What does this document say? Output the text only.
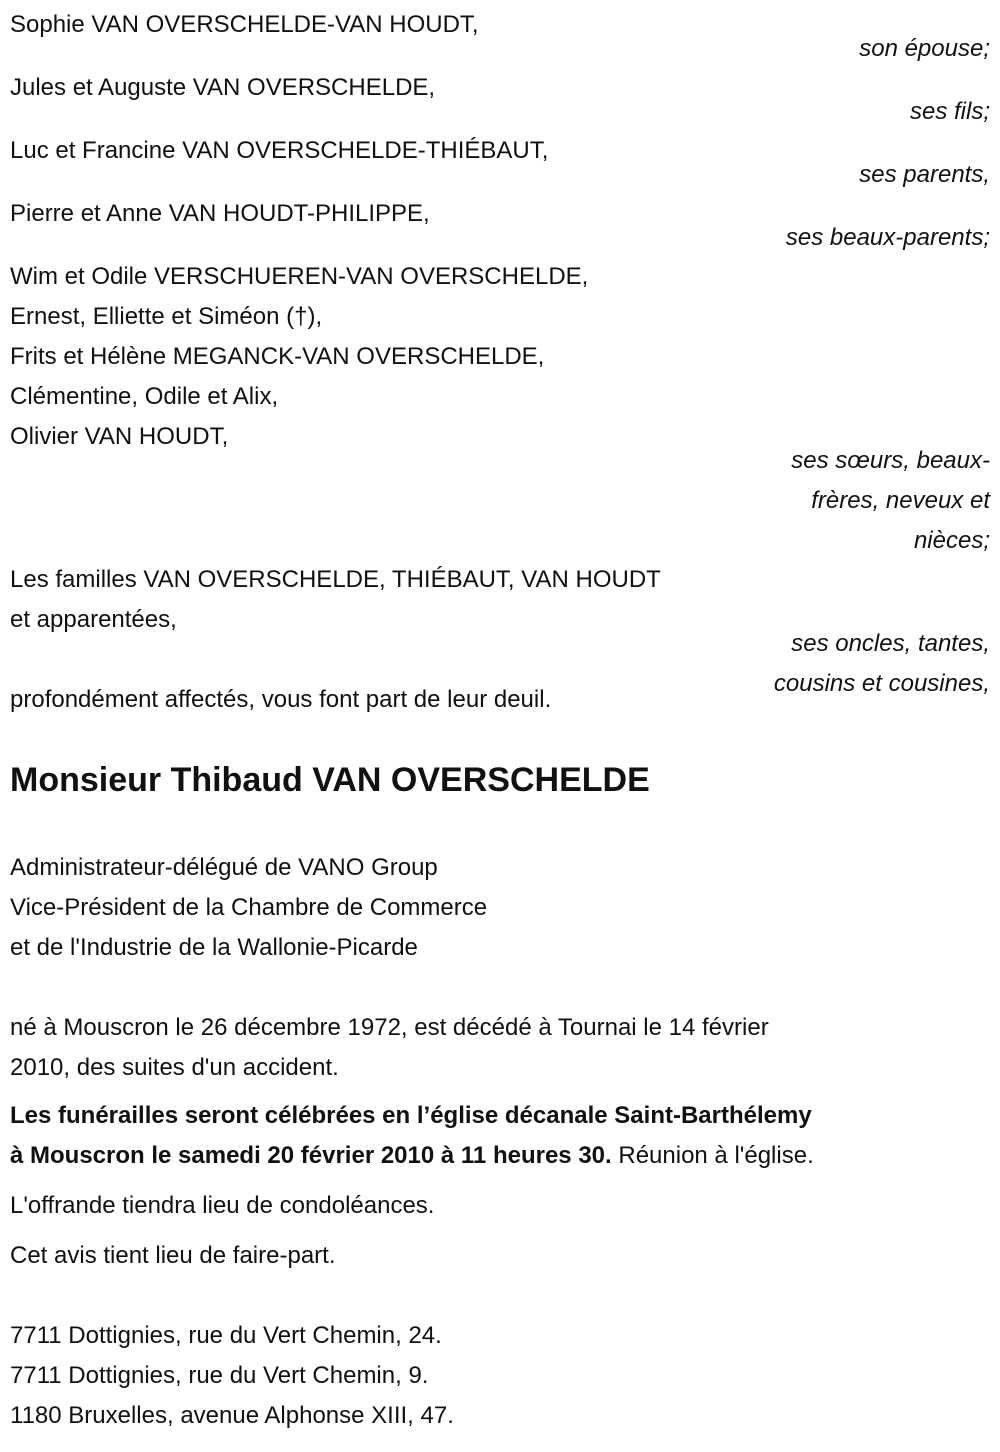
Sophie VAN OVERSCHELDE-VAN HOUDT,
son épouse;
Jules et Auguste VAN OVERSCHELDE,
ses fils;
Luc et Francine VAN OVERSCHELDE-THIÉBAUT,
ses parents,
Pierre et Anne VAN HOUDT-PHILIPPE,
ses beaux-parents;
Wim et Odile VERSCHUEREN-VAN OVERSCHELDE,
Ernest, Elliette et Siméon (†),
Frits et Hélène MEGANCK-VAN OVERSCHELDE,
Clémentine, Odile et Alix,
Olivier VAN HOUDT,
ses sœurs, beaux-
frères, neveux et
nièces;
Les familles VAN OVERSCHELDE, THIÉBAUT, VAN HOUDT
et apparentées,
ses oncles, tantes,
cousins et cousines,
profondément affectés, vous font part de leur deuil.
Monsieur Thibaud VAN OVERSCHELDE
Administrateur-délégué de VANO Group
Vice-Président de la Chambre de Commerce
et de l'Industrie de la Wallonie-Picarde
né à Mouscron le 26 décembre 1972, est décédé à Tournai le 14 février
2010, des suites d'un accident.
Les funérailles seront célébrées en l’église décanale Saint-Barthélemy
à Mouscron le samedi 20 février 2010 à 11 heures 30. Réunion à l'église.
L'offrande tiendra lieu de condoléances.
Cet avis tient lieu de faire-part.
7711 Dottignies, rue du Vert Chemin, 24.
7711 Dottignies, rue du Vert Chemin, 9.
1180 Bruxelles, avenue Alphonse XIII, 47.
